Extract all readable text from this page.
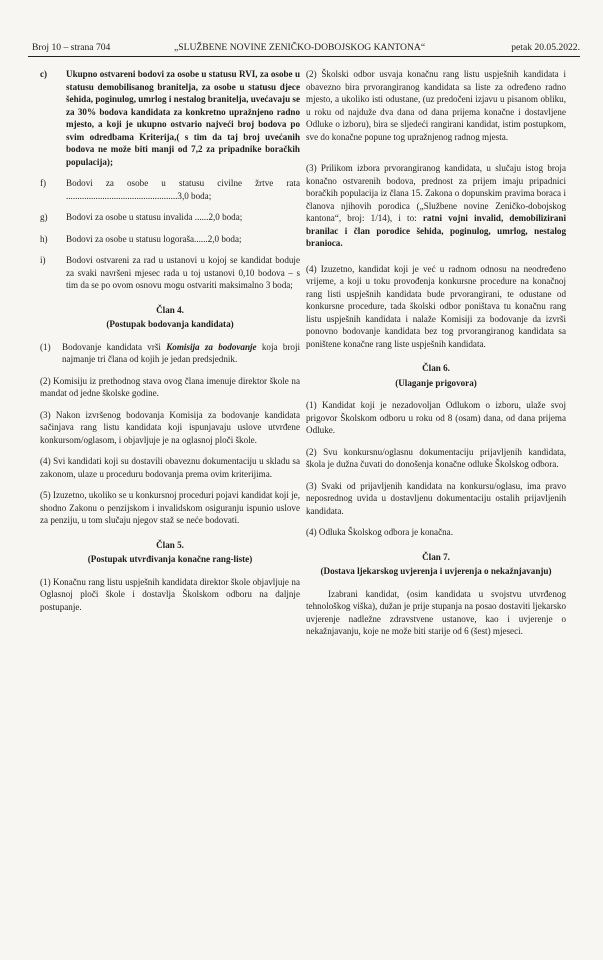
Broj 10 – strana 704	„SLUŽBENE NOVINE ZENIČKO-DOBOJSKOG KANTONA“	petak 20.05.2022.
c)	Ukupno ostvareni bodovi za osobe u statusu RVI, za osobe u statusu demobilisanog branitelja, za osobe u statusu djece šehida, poginulog, umrlog i nestalog branitelja, uvećavaju se za 30% bodova kandidata za konkretno upražnjeno radno mjesto, a koji je ukupno ostvario najveći broj bodova po svim odredbama Kriterija,( s tim da taj broj uvećanih bodova ne može biti manji od 7,2 za pripadnike boračkih populacija);
f)	Bodovi za osobe u statusu civilne žrtve rata .................................................3,0 boda;
g)	Bodovi za osobe u statusu invalida ......2,0 boda;
h)	Bodovi za osobe u statusu logoraša......2,0 boda;
i)	Bodovi ostvareni za rad u ustanovi u kojoj se kandidat boduje za svaki navršeni mjesec rada u toj ustanovi 0,10 bodova – s tim da se po ovom osnovu mogu ostvariti maksimalno 3 boda;
Član 4.
(Postupak bodovanja kandidata)
(1)	Bodovanje kandidata vrši Komisija za bodovanje koja broji najmanje tri člana od kojih je jedan predsjednik.
(2) Komisiju iz prethodnog stava ovog člana imenuje direktor škole na mandat od jedne školske godine.
(3) Nakon izvršenog bodovanja Komisija za bodovanje kandidata sačinjava rang listu kandidata koji ispunjavaju uslove utvrđene konkursom/oglasom, i objavljuje je na oglasnoj ploči škole.
(4) Svi kandidati koji su dostavili obaveznu dokumentaciju u skladu sa zakonom, ulaze u proceduru bodovanja prema ovim kriterijima.
(5) Izuzetno, ukoliko se u konkursnoj proceduri pojavi kandidat koji je, shodno Zakonu o penzijskom i invalidskom osiguranju ispunio uslove za penziju, u tom slučaju njegov staž se neće bodovati.
Član 5.
(Postupak utvrđivanja konačne rang-liste)
(1) Konačnu rang listu uspješnih kandidata direktor škole objavljuje na Oglasnoj ploči škole i dostavlja Školskom odboru na daljnje postupanje.
(2) Školski odbor usvaja konačnu rang listu uspješnih kandidata i obavezno bira prvorangiranog kandidata sa liste za određeno radno mjesto, a ukoliko isti odustane, (uz predočeni izjavu u pisanom obliku, u roku od najduže dva dana od dana prijema konačne i dostavljene Odluke o izboru), bira se sljedeći rangirani kandidat, istim postupkom, sve do konačne popune tog upražnjenog radnog mjesta.
(3) Prilikom izbora prvorangiranog kandidata, u slučaju istog broja konačno ostvarenih bodova, prednost za prijem imaju pripadnici boračkih populacija iz člana 15. Zakona o dopunskim pravima boraca i članova njihovih porodica („Službene novine Zeničko-dobojskog kantona“, broj: 1/14), i to: ratni vojni invalid, demobilizirani branilac i član porodice šehida, poginulog, umrlog, nestalog branioca.
(4) Izuzetno, kandidat koji je već u radnom odnosu na neodređeno vrijeme, a koji u toku provođenja konkursne procedure na konačnoj rang listi uspješnih kandidata bude prvorangirani, te odustane od konkursne procedure, tada školski odbor poništava tu konačnu rang listu uspješnih kandidata i nalaže Komisiji za bodovanje da izvrši ponovno bodovanje kandidata bez tog prvorangiranog kandidata sa poništene konačne rang liste uspješnih kandidata.
Član 6.
(Ulaganje prigovora)
(1) Kandidat koji je nezadovoljan Odlukom o izboru, ulaže svoj prigovor Školskom odboru u roku od 8 (osam) dana, od dana prijema Odluke.
(2) Svu konkursnu/oglasnu dokumentaciju prijavljenih kandidata, škola je dužna čuvati do donošenja konačne odluke Školskog odbora.
(3) Svaki od prijavljenih kandidata na konkursu/oglasu, ima pravo neposrednog uvida u dostavljenu dokumentaciju ostalih prijavljenih kandidata.
(4) Odluka Školskog odbora je konačna.
Član 7.
(Dostava ljekarskog uvjerenja i uvjerenja o nekažnjavanju)
Izabrani kandidat, (osim kandidata u svojstvu utvrđenog tehnološkog viška), dužan je prije stupanja na posao dostaviti ljekarsko uvjerenje nadležne zdravstvene ustanove, kao i uvjerenje o nekažnjavanju, koje ne može biti starije od 6 (šest) mjeseci.
